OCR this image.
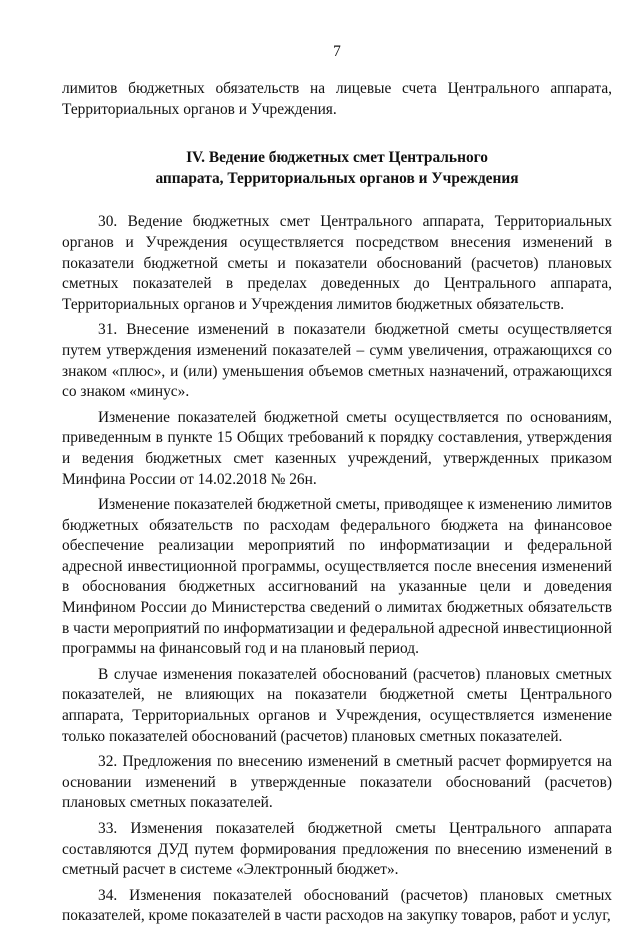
7

лимитов бюджетных обязательств на лицевые счета Центрального аппарата, Территориальных органов и Учреждения.

IV. Ведение бюджетных смет Центрального
аппарата, Территориальных органов и Учреждения

30. Ведение бюджетных смет Центрального аппарата, Территориальных органов и Учреждения осуществляется посредством внесения изменений в показатели бюджетной сметы и показатели обоснований (расчетов) плановых сметных показателей в пределах доведенных до Центрального аппарата, Территориальных органов и Учреждения лимитов бюджетных обязательств.

31. Внесение изменений в показатели бюджетной сметы осуществляется путем утверждения изменений показателей – сумм увеличения, отражающихся со знаком «плюс», и (или) уменьшения объемов сметных назначений, отражающихся со знаком «минус».

Изменение показателей бюджетной сметы осуществляется по основаниям, приведенным в пункте 15 Общих требований к порядку составления, утверждения и ведения бюджетных смет казенных учреждений, утвержденных приказом Минфина России от 14.02.2018 № 26н.

Изменение показателей бюджетной сметы, приводящее к изменению лимитов бюджетных обязательств по расходам федерального бюджета на финансовое обеспечение реализации мероприятий по информатизации и федеральной адресной инвестиционной программы, осуществляется после внесения изменений в обоснования бюджетных ассигнований на указанные цели и доведения Минфином России до Министерства сведений о лимитах бюджетных обязательств в части мероприятий по информатизации и федеральной адресной инвестиционной программы на финансовый год и на плановый период.

В случае изменения показателей обоснований (расчетов) плановых сметных показателей, не влияющих на показатели бюджетной сметы Центрального аппарата, Территориальных органов и Учреждения, осуществляется изменение только показателей обоснований (расчетов) плановых сметных показателей.

32. Предложения по внесению изменений в сметный расчет формируется на основании изменений в утвержденные показатели обоснований (расчетов) плановых сметных показателей.

33. Изменения показателей бюджетной сметы Центрального аппарата составляются ДУД путем формирования предложения по внесению изменений в сметный расчет в системе «Электронный бюджет».

34. Изменения показателей обоснований (расчетов) плановых сметных показателей, кроме показателей в части расходов на закупку товаров, работ и услуг,
